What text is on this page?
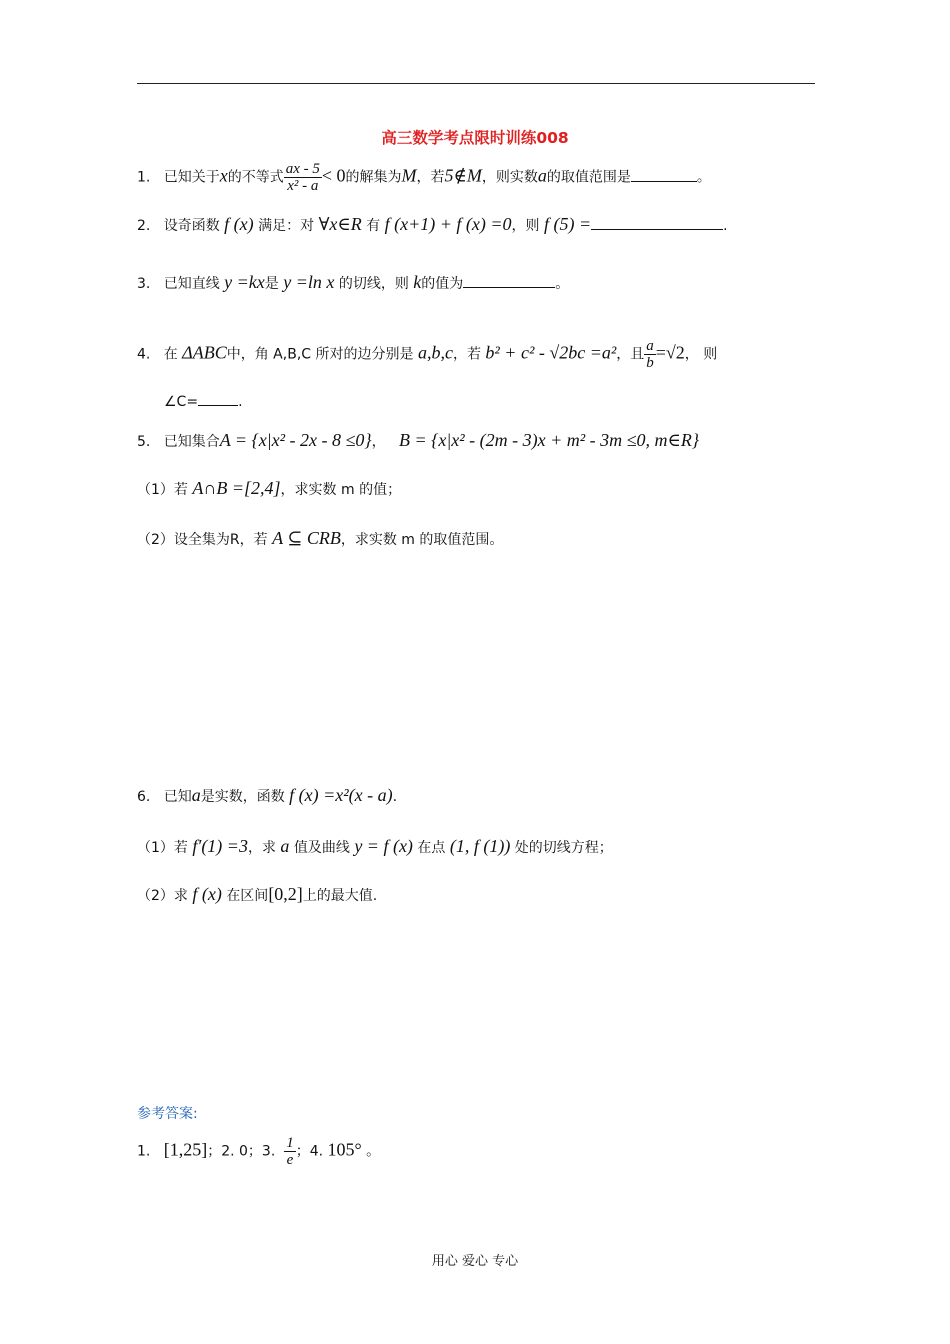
高三数学考点限时训练008
1. 已知关于x的不等式 $\frac{ax - 5}{\text{x² - a}} < 0$的解集为M，若5∉M，则实数a的取值范围是	。
2. 设奇函数 f (x) 满足：对 ∀x∈R 有 f (x+1) + f (x) =0，则 f (5) =	.
3. 已知直线 y =kx是 y =ln x 的切线，则 k的值为	。
4. 在 ΔABC中，角 A,B,C 所对的边分别是 a,b,c，若 b² + c² - √2bc =a²，且 $\frac{a}{b} =√2$， 则
∠C=	.
5. 已知集合A = {x|x² - 2x - 8 ≤0}， B = {x|x² - (2m - 3)x + m² - 3m ≤0, m∈R}
（1）若 A∩B =[2,4]，求实数 m 的值；
（2）设全集为R，若 A ⊆ CRB，求实数 m 的取值范围。
6. 已知a是实数，函数 f (x) =x²(x - a).
（1）若 f′(1) =3，求 a 值及曲线 y = f (x) 在点 (1, f (1)) 处的切线方程；
（2）求 f (x) 在区间[0,2]上的最大值.
参考答案:
1. [1,25]；2. 0；3. $\frac{1}{e}$ ；4. 105° 。
用心 爱心 专心
